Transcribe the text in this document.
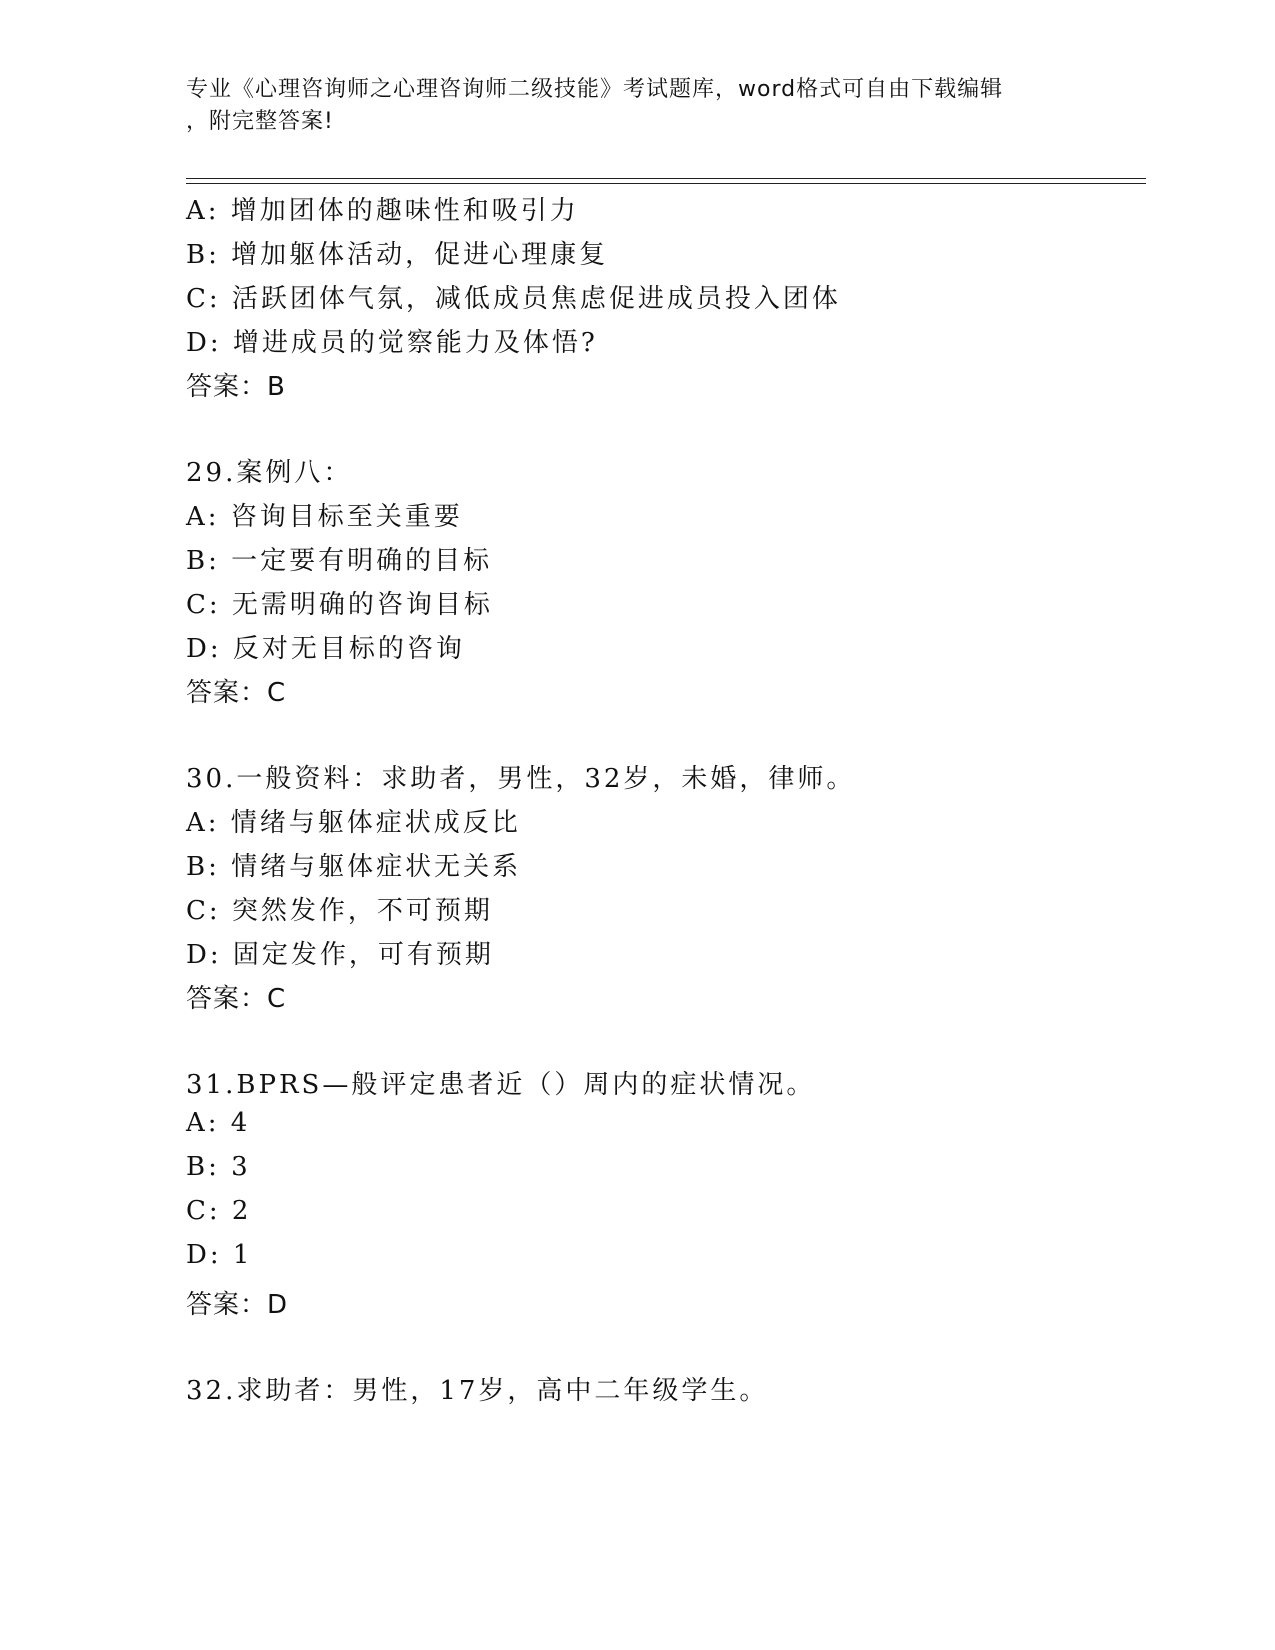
专业《心理咨询师之心理咨询师二级技能》考试题库，word格式可自由下载编辑
，附完整答案!
A: 增加团体的趣味性和吸引力
B: 增加躯体活动，促进心理康复
C: 活跃团体气氛，减低成员焦虑促进成员投入团体
D: 增进成员的觉察能力及体悟?
答案：B
29.案例八：
A: 咨询目标至关重要
B: 一定要有明确的目标
C: 无需明确的咨询目标
D: 反对无目标的咨询
答案：C
30.一般资料：求助者，男性，32岁，未婚，律师。
A: 情绪与躯体症状成反比
B: 情绪与躯体症状无关系
C: 突然发作，不可预期
D: 固定发作，可有预期
答案：C
31.BPRS—般评定患者近（）周内的症状情况。
A: 4
B: 3
C: 2
D: 1
答案：D
32.求助者：男性，17岁，高中二年级学生。
